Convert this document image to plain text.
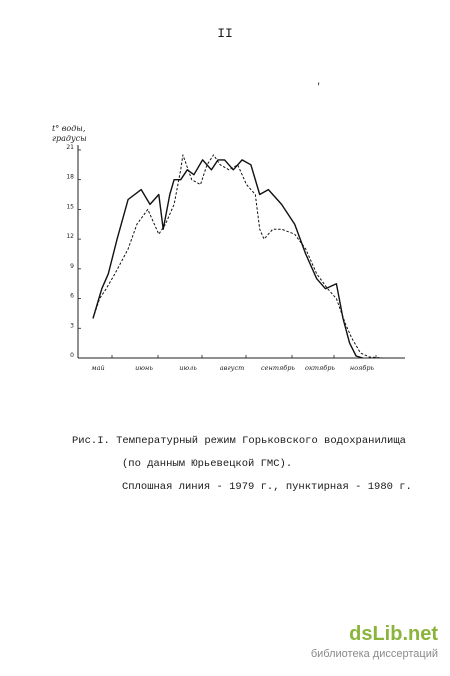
II
'
t° воды,
градусы
0
3
6
9
12
15
18
21
май	июнь	июль	август	сентябрь октябрь ноябрь
Рис.I. Температурный режим Горьковского водохранилища
(по данным Юрьевецкой ГМС).
Сплошная линия - 1979 г., пунктирная - 1980 г.
dsLib.net
библиотека диссертаций
